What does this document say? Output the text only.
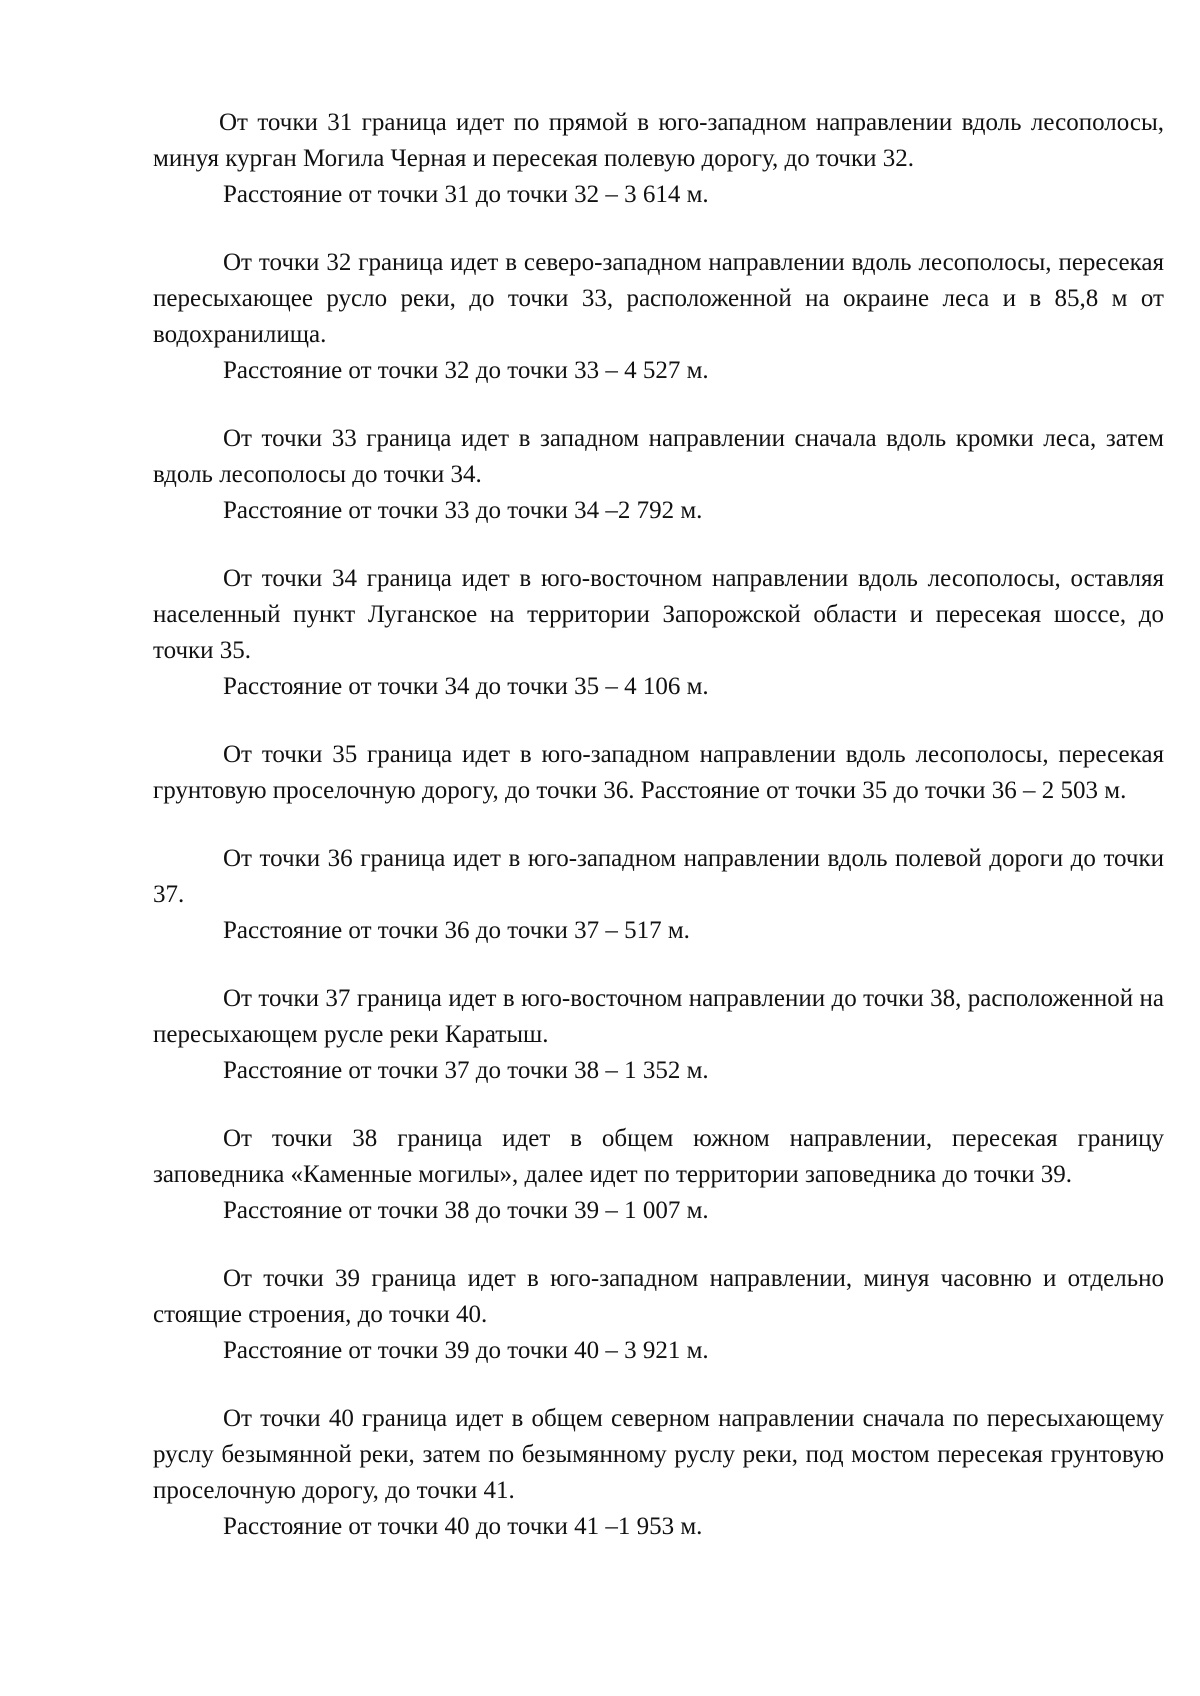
От точки 31 граница идет по прямой в юго-западном направлении вдоль лесополосы, минуя курган Могила Черная и пересекая полевую дорогу, до точки 32.

Расстояние от точки 31 до точки 32 – 3 614 м.

От точки 32 граница идет в северо-западном направлении вдоль лесополосы, пересекая пересыхающее русло реки, до точки 33, расположенной на окраине леса и в 85,8 м от водохранилища.

Расстояние от точки 32 до точки 33 – 4 527 м.

От точки 33 граница идет в западном направлении сначала вдоль кромки леса, затем вдоль лесополосы до точки 34.

Расстояние от точки 33 до точки 34 –2 792 м.

От точки 34 граница идет в юго-восточном направлении вдоль лесополосы, оставляя населенный пункт Луганское на территории Запорожской области и пересекая шоссе, до точки 35.

Расстояние от точки 34 до точки 35 – 4 106 м.

От точки 35 граница идет в юго-западном направлении вдоль лесополосы, пересекая грунтовую проселочную дорогу, до точки 36. Расстояние от точки 35 до точки 36 – 2 503 м.

От точки 36 граница идет в юго-западном направлении вдоль полевой дороги до точки 37.

Расстояние от точки 36 до точки 37 – 517 м.

От точки 37 граница идет в юго-восточном направлении до точки 38, расположенной на пересыхающем русле реки Каратыш.

Расстояние от точки 37 до точки 38 – 1 352 м.

От точки 38 граница идет в общем южном направлении, пересекая границу заповедника «Каменные могилы», далее идет по территории заповедника до точки 39.

Расстояние от точки 38 до точки 39 – 1 007 м.

От точки 39 граница идет в юго-западном направлении, минуя часовню и отдельно стоящие строения, до точки 40.

Расстояние от точки 39 до точки 40 – 3 921 м.

От точки 40 граница идет в общем северном направлении сначала по пересыхающему руслу безымянной реки, затем по безымянному руслу реки, под мостом пересекая грунтовую проселочную дорогу, до точки 41.

Расстояние от точки 40 до точки 41 –1 953 м.
